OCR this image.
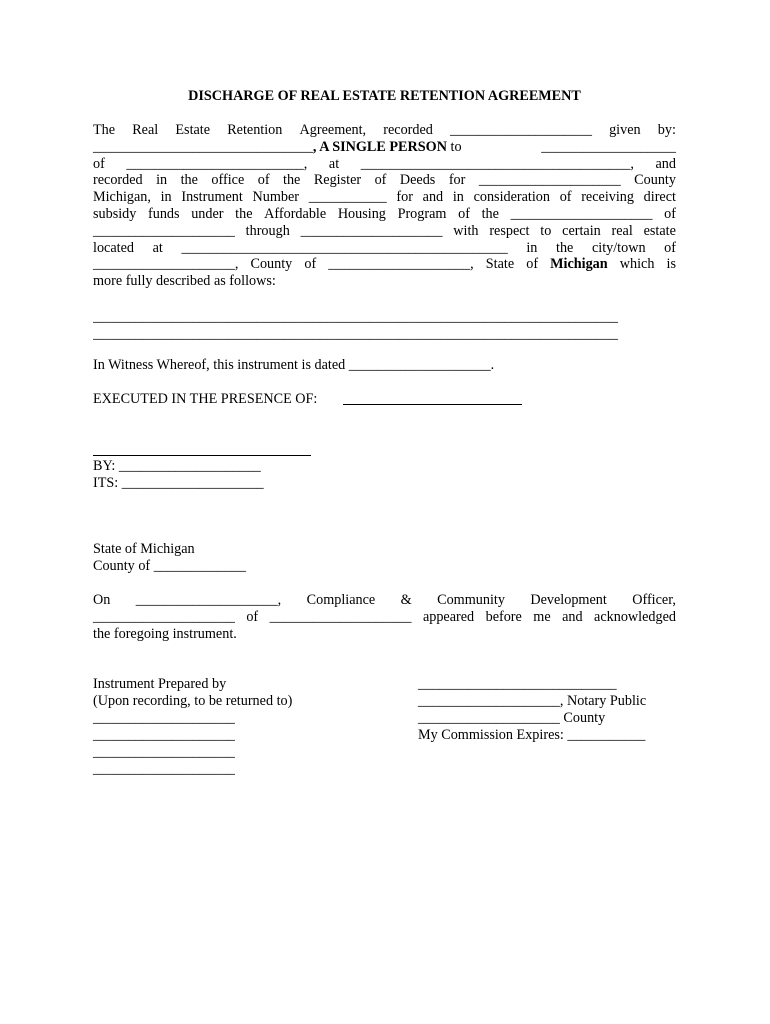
DISCHARGE OF REAL ESTATE RETENTION AGREEMENT
The Real Estate Retention Agreement, recorded ____________________ given by:
_______________________________, A SINGLE PERSON to	___________________
of _________________________, at ______________________________________, and
recorded in the office of the Register of Deeds for ____________________ County
Michigan, in Instrument Number ___________ for and in consideration of receiving direct
subsidy funds under the Affordable Housing Program of the ____________________ of
____________________ through ____________________ with respect to certain real estate
located at ______________________________________________ in the city/town of
____________________, County of ____________________, State of Michigan which is
more fully described as follows:
__________________________________________________________________________
__________________________________________________________________________
In Witness Whereof, this instrument is dated ____________________.
EXECUTED IN THE PRESENCE OF:
BY: ____________________
ITS: ____________________
State of Michigan
County of _____________
On ____________________, Compliance & Community Development Officer,
____________________ of ____________________ appeared before me and acknowledged
the foregoing instrument.
Instrument Prepared by
(Upon recording, to be returned to)
____________________
____________________
____________________
____________________
____________________________
____________________, Notary Public
____________________ County
My Commission Expires: ___________
